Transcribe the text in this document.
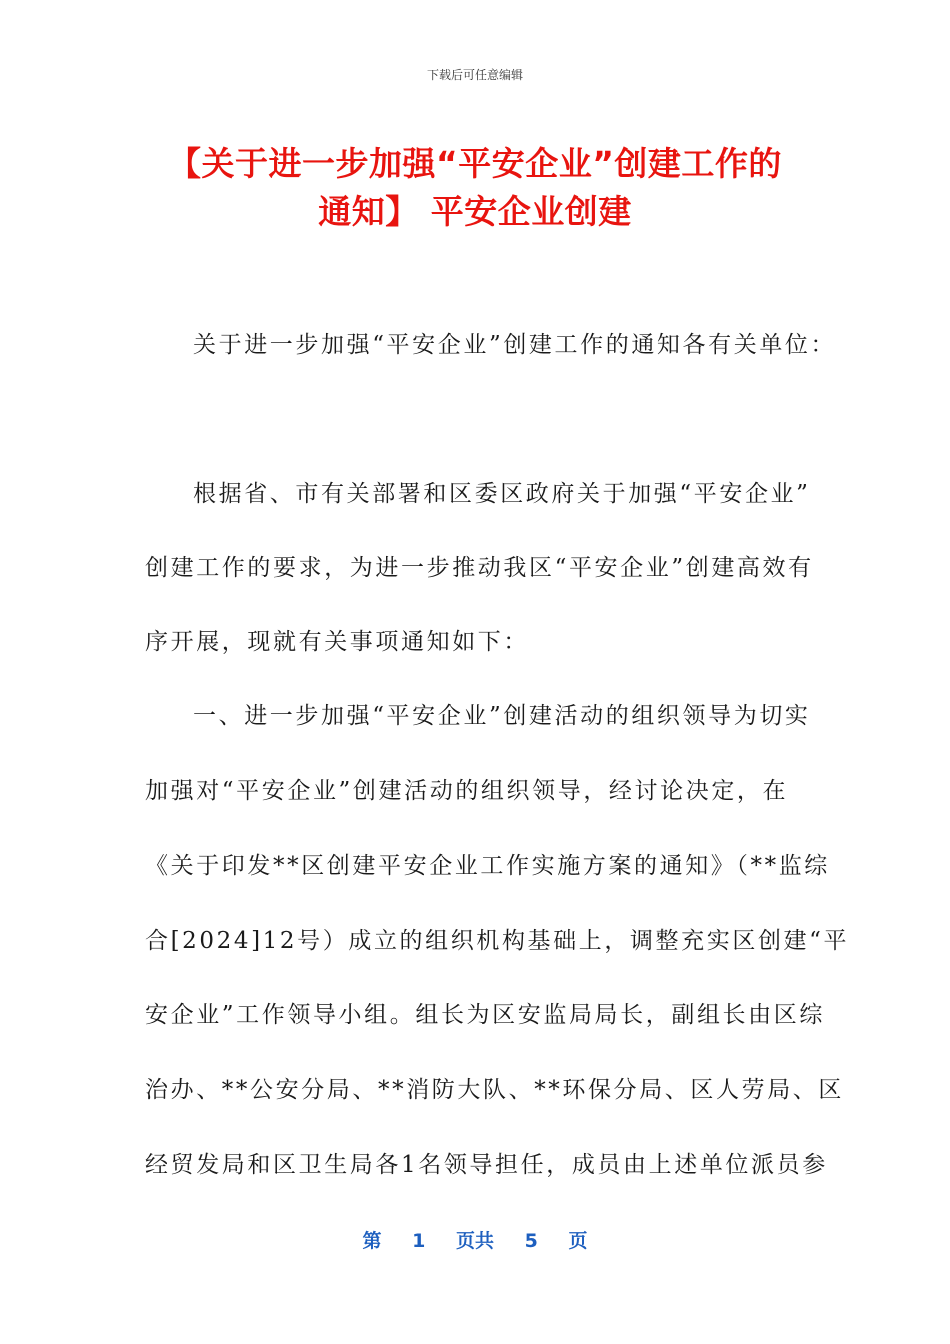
下载后可任意编辑
【关于进一步加强“平安企业”创建工作的
通知】 平安企业创建
关于进一步加强“平安企业”创建工作的通知各有关单位：
根据省、市有关部署和区委区政府关于加强“平安企业”
创建工作的要求，为进一步推动我区“平安企业”创建高效有
序开展，现就有关事项通知如下：
一、进一步加强“平安企业”创建活动的组织领导为切实
加强对“平安企业”创建活动的组织领导，经讨论决定，在
《关于印发**区创建平安企业工作实施方案的通知》（**监综
合[2024]12号）成立的组织机构基础上，调整充实区创建“平
安企业”工作领导小组。组长为区安监局局长，副组长由区综
治办、**公安分局、**消防大队、**环保分局、区人劳局、区
经贸发局和区卫生局各1名领导担任，成员由上述单位派员参
第 1 页共 5 页
